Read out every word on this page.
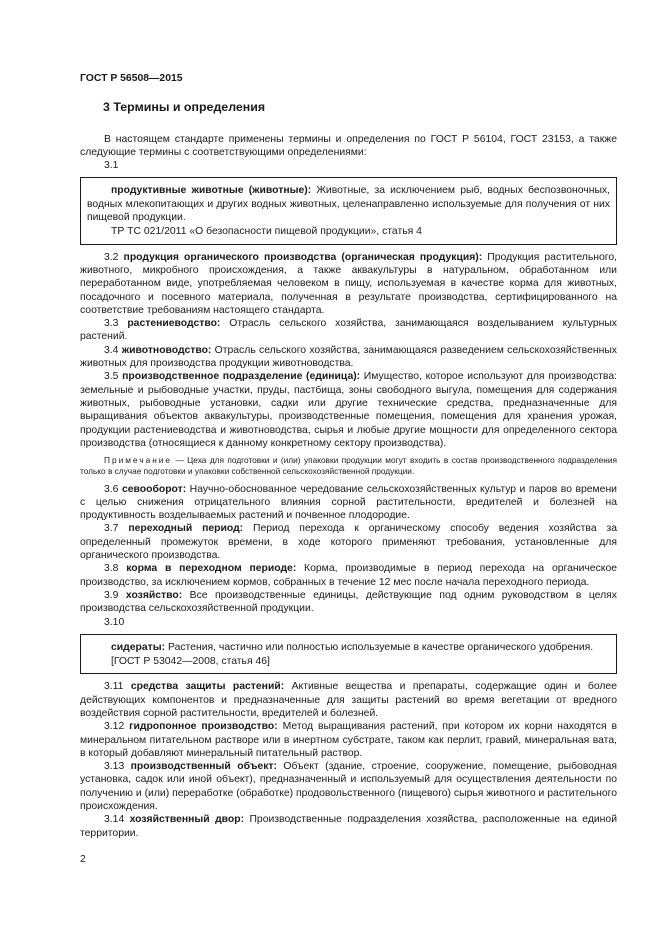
ГОСТ Р 56508—2015
3 Термины и определения

В настоящем стандарте применены термины и определения по ГОСТ Р 56104, ГОСТ 23153, а также следующие термины с соответствующими определениями:

3.1

продуктивные животные (животные): Животные, за исключением рыб, водных беспозвоночных, водных млекопитающих и других водных животных, целенаправленно используемые для получения от них пищевой продукции.

ТР ТС 021/2011 «О безопасности пищевой продукции», статья 4

3.2 продукция органического производства (органическая продукция): Продукция растительного, животного, микробного происхождения, а также аквакультуры в натуральном, обработанном или переработанном виде, употребляемая человеком в пищу, используемая в качестве корма для животных, посадочного и посевного материала, полученная в результате производства, сертифицированного на соответствие требованиям настоящего стандарта.

3.3 растениеводство: Отрасль сельского хозяйства, занимающаяся возделыванием культурных растений.

3.4 животноводство: Отрасль сельского хозяйства, занимающаяся разведением сельскохозяйственных животных для производства продукции животноводства.

3.5 производственное подразделение (единица): Имущество, которое используют для производства: земельные и рыбоводные участки, пруды, пастбища, зоны свободного выгула, помещения для содержания животных, рыбоводные установки, садки или другие технические средства, предназначенные для выращивания объектов аквакультуры, производственные помещения, помещения для хранения урожая, продукции растениеводства и животноводства, сырья и любые другие мощности для определенного сектора производства (относящиеся к данному конкретному сектору производства).

Примечание — Цеха для подготовки и (или) упаковки продукции могут входить в состав производственного подразделения только в случае подготовки и упаковки собственной сельскохозяйственной продукции.

3.6 севооборот: Научно-обоснованное чередование сельскохозяйственных культур и паров во времени с целью снижения отрицательного влияния сорной растительности, вредителей и болезней на продуктивность возделываемых растений и почвенное плодородие.

3.7 переходный период: Период перехода к органическому способу ведения хозяйства за определенный промежуток времени, в ходе которого применяют требования, установленные для органического производства.

3.8 корма в переходном периоде: Корма, производимые в период перехода на органическое производство, за исключением кормов, собранных в течение 12 мес после начала переходного периода.

3.9 хозяйство: Все производственные единицы, действующие под одним руководством в целях производства сельскохозяйственной продукции.

3.10

сидераты: Растения, частично или полностью используемые в качестве органического удобрения.

[ГОСТ Р 53042—2008, статья 46]

3.11 средства защиты растений: Активные вещества и препараты, содержащие один и более действующих компонентов и предназначенные для защиты растений во время вегетации от вредного воздействия сорной растительности, вредителей и болезней.

3.12 гидропонное производство: Метод выращивания растений, при котором их корни находятся в минеральном питательном растворе или в инертном субстрате, таком как перлит, гравий, минеральная вата, в который добавляют минеральный питательный раствор.

3.13 производственный объект: Объект (здание, строение, сооружение, помещение, рыбоводная установка, садок или иной объект), предназначенный и используемый для осуществления деятельности по получению и (или) переработке (обработке) продовольственного (пищевого) сырья животного и растительного происхождения.

3.14 хозяйственный двор: Производственные подразделения хозяйства, расположенные на единой территории.

2
